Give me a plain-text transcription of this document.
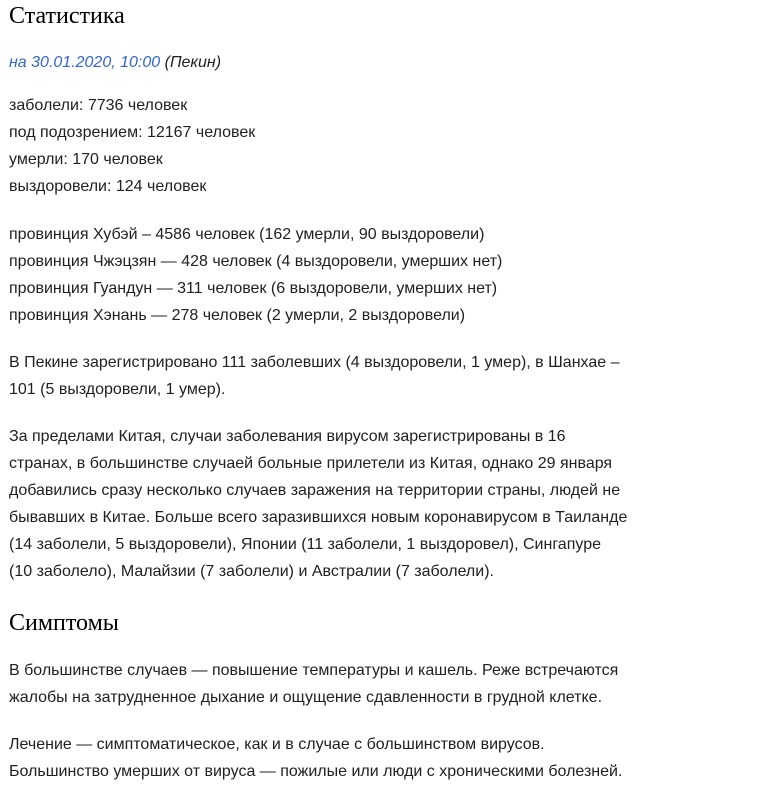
Статистика
на 30.01.2020, 10:00 (Пекин)

заболели: 7736 человек
под подозрением: 12167 человек
умерли: 170 человек
выздоровели: 124 человек

провинция Хубэй – 4586 человек (162 умерли, 90 выздоровели)
провинция Чжэцзян — 428 человек (4 выздоровели, умерших нет)
провинция Гуандун — 311 человек (6 выздоровели, умерших нет)
провинция Хэнань — 278 человек (2 умерли, 2 выздоровели)

В Пекине зарегистрировано 111 заболевших (4 выздоровели, 1 умер), в Шанхае –
101 (5 выздоровели, 1 умер).

За пределами Китая, случаи заболевания вирусом зарегистрированы в 16
странах, в большинстве случаей больные прилетели из Китая, однако 29 января
добавились сразу несколько случаев заражения на территории страны, людей не
бывавших в Китае. Больше всего заразившихся новым коронавирусом в Таиланде
(14 заболели, 5 выздоровели), Японии (11 заболели, 1 выздоровел), Сингапуре
(10 заболело), Малайзии (7 заболели) и Австралии (7 заболели).

Симптомы

В большинстве случаев — повышение температуры и кашель. Реже встречаются
жалобы на затрудненное дыхание и ощущение сдавленности в грудной клетке.

Лечение — симптоматическое, как и в случае с большинством вирусов.
Большинство умерших от вируса — пожилые или люди с хроническими болезней.
